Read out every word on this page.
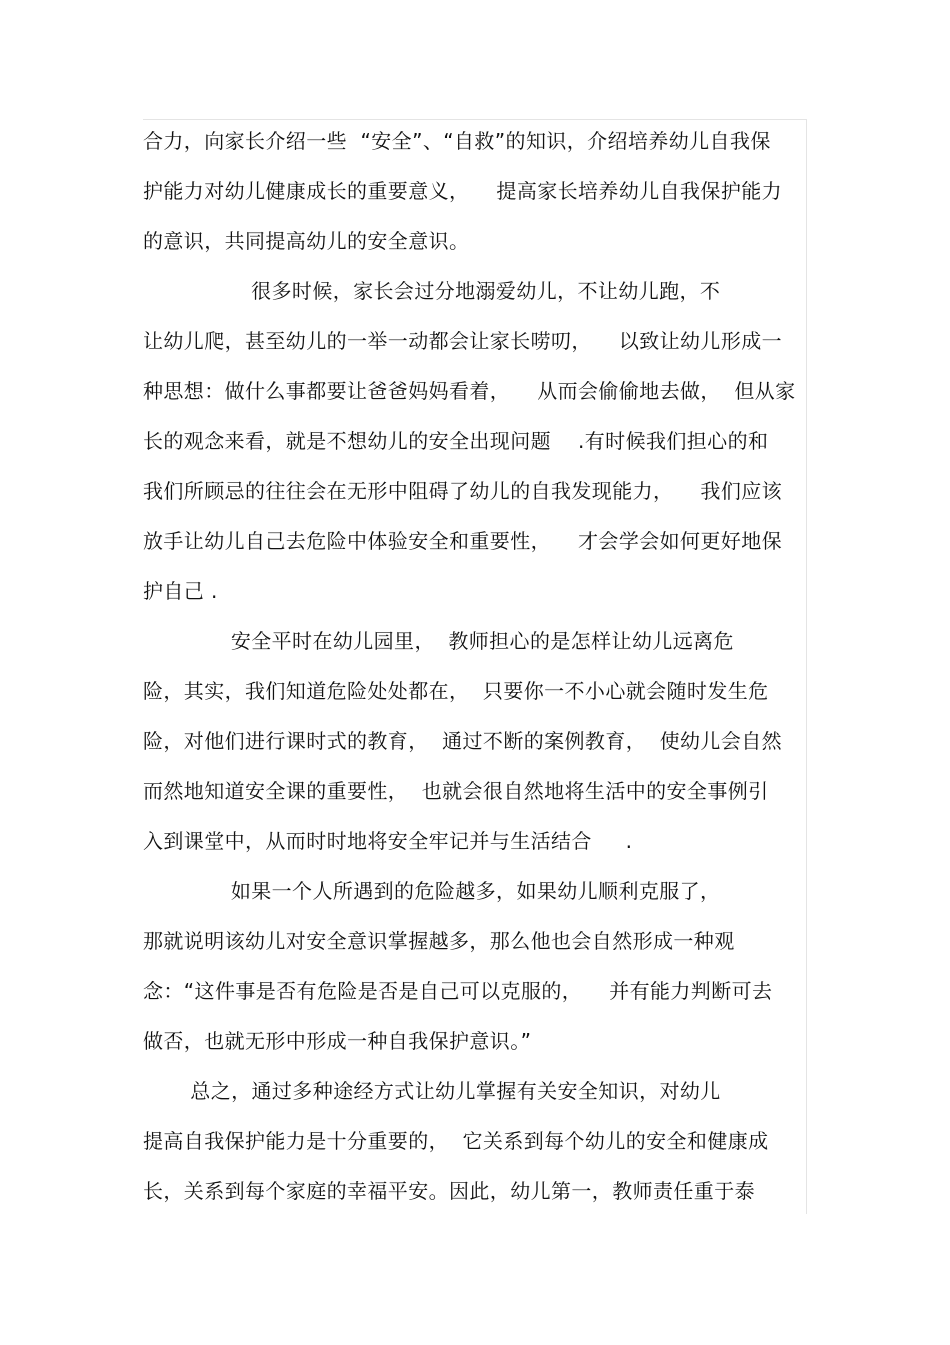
合力，向家长介绍一些  “安全”、“自救”的知识，介绍培养幼儿自我保
护能力对幼儿健康成长的重要意义，    提高家长培养幼儿自我保护能力
的意识，共同提高幼儿的安全意识。
很多时候，家长会过分地溺爱幼儿，不让幼儿跑，不
让幼儿爬，甚至幼儿的一举一动都会让家长唠叨，    以致让幼儿形成一
种思想：做什么事都要让爸爸妈妈看着，    从而会偷偷地去做，  但从家
长的观念来看，就是不想幼儿的安全出现问题    .有时候我们担心的和
我们所顾忌的往往会在无形中阻碍了幼儿的自我发现能力，    我们应该
放手让幼儿自己去危险中体验安全和重要性，    才会学会如何更好地保
护自己 .
安全平时在幼儿园里，  教师担心的是怎样让幼儿远离危
险，其实，我们知道危险处处都在，  只要你一不小心就会随时发生危
险，对他们进行课时式的教育，  通过不断的案例教育，  使幼儿会自然
而然地知道安全课的重要性，  也就会很自然地将生活中的安全事例引
入到课堂中，从而时时地将安全牢记并与生活结合     .
如果一个人所遇到的危险越多，如果幼儿顺利克服了，
那就说明该幼儿对安全意识掌握越多，那么他也会自然形成一种观
念：“这件事是否有危险是否是自己可以克服的，    并有能力判断可去
做否，也就无形中形成一种自我保护意识。”
总之，通过多种途经方式让幼儿掌握有关安全知识，对幼儿
提高自我保护能力是十分重要的，  它关系到每个幼儿的安全和健康成
长，关系到每个家庭的幸福平安。因此，幼儿第一，教师责任重于泰
